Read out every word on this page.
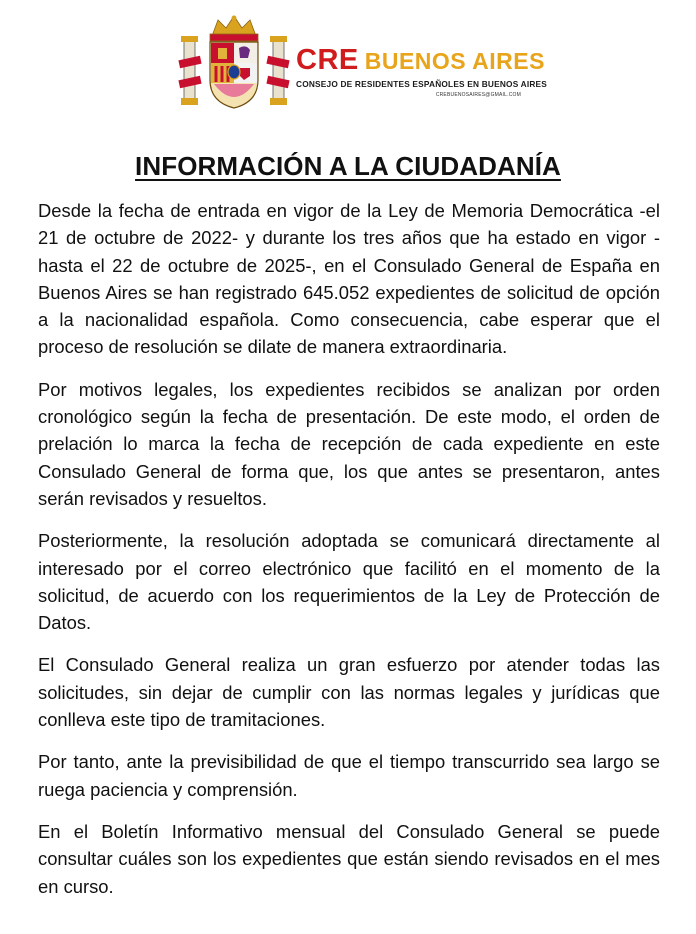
CRE BUENOS AIRES
CONSEJO DE RESIDENTES ESPAÑOLES EN BUENOS AIRES
CREBUENOSAIRES@GMAIL.COM
INFORMACIÓN A LA CIUDADANÍA

Desde la fecha de entrada en vigor de la Ley de Memoria Democrática -el 21 de octubre de 2022- y durante los tres años que ha estado en vigor -hasta el 22 de octubre de 2025-, en el Consulado General de España en Buenos Aires se han registrado 645.052 expedientes de solicitud de opción a la nacionalidad española. Como consecuencia, cabe esperar que el proceso de resolución se dilate de manera extraordinaria.

Por motivos legales, los expedientes recibidos se analizan por orden cronológico según la fecha de presentación. De este modo, el orden de prelación lo marca la fecha de recepción de cada expediente en este Consulado General de forma que, los que antes se presentaron, antes serán revisados y resueltos.

Posteriormente, la resolución adoptada se comunicará directamente al interesado por el correo electrónico que facilitó en el momento de la solicitud, de acuerdo con los requerimientos de la Ley de Protección de Datos.

El Consulado General realiza un gran esfuerzo por atender todas las solicitudes, sin dejar de cumplir con las normas legales y jurídicas que conlleva este tipo de tramitaciones.

Por tanto, ante la previsibilidad de que el tiempo transcurrido sea largo se ruega paciencia y comprensión.

En el Boletín Informativo mensual del Consulado General se puede consultar cuáles son los expedientes que están siendo revisados en el mes en curso.
